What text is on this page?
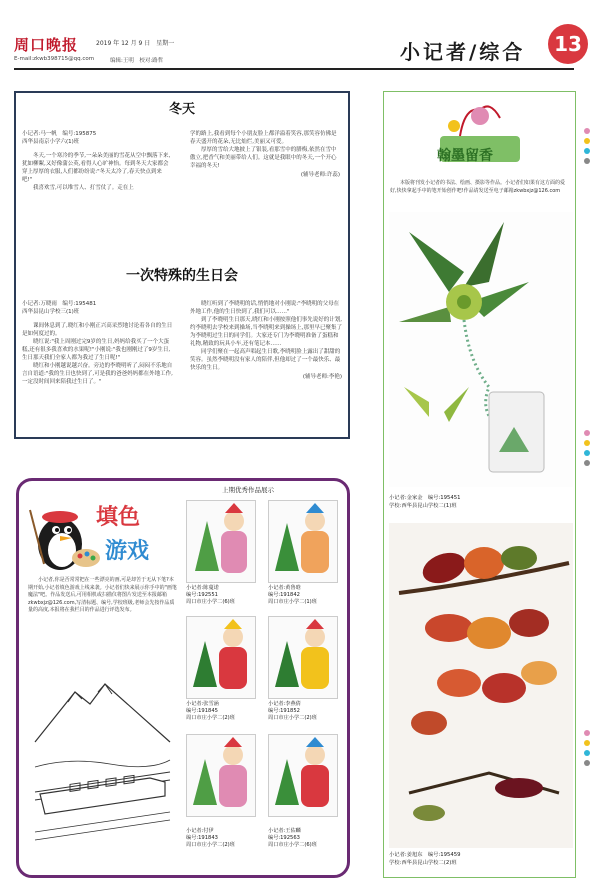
周口晚报	2019 年 12 月 9 日　星期一
E-mail:zkwb398715@qq.com	编辑:王明　校对:路哲	小记者/综合	13
冬天
小记者:马一帆　编号:195875
西华县南京小学六(1)班

冬天,一个寒冷的季节,一朵朵美丽的雪花从空中飘落下来,犹如柳絮,又好像蒲公英,看得人心旷神怡。每到冬天大家都会穿上厚厚的衣服,人们都纷纷说:"冬天太冷了,春天快点到来吧!"

我喜欢雪,可以堆雪人、打雪仗了。走在上

学的路上,我看到每个小朋友脸上都洋溢着笑容,那笑容仿佛是春天盛开的花朵,无比灿烂,美丽又可爱。

厚厚的雪给大地披上了银装,看那雪中的腊梅,依然在雪中傲立,把香气和美丽带给人们。这就是我眼中的冬天,一个开心幸福的冬天!

(辅导老师:许蕊)
一次特殊的生日会
小记者:万晓雨　编号:195481
西华县昆山学校三(1)班

课间休息到了,晓红和小刚正兴高采烈地讨论着各自的生日是如何度过的。

晓红说:"我上周刚过完9岁的生日,妈妈给我买了一个大蛋糕,还有很多我喜欢的水果呢!"小刚说:"我也刚刚过了9岁生日,生日那天我们全家人都为我过了生日呢!"

晓红和小刚越说越兴奋。旁边的李晓明听了,闷闷不乐地自言自语道:"我的生日也快到了,可是我的爸爸妈妈都在外地工作,一定没时间回来陪我过生日了。"

晓红听到了李晓明的话,悄悄地对小刚说:"李晓明的父母在外地工作,他的生日快到了,我们可以……"

到了李晓明生日那天,晓红和小刚按照他们事先说好的计划,约李晓明去学校来到操场,当李晓明来到操场上,那里早已聚集了为李晓明过生日的同学们。大家还专门为李晓明准备了蛋糕和礼物,精致的玩具小车,还有笔记本……

同学们聚在一起高声唱起生日歌,李晓明脸上露出了甜甜的笑容。虽然李晓明没有家人的陪伴,但他却过了一个最快乐、最快乐的生日。

(辅导老师:李艳)
填色
游戏
小记者,你是否常常把在一些漂亮的画,可是却苦于无从下笔?本期开始,小记者填色游戏上线来袭。小记者们快来展示你手中的"画笔魔法"吧。作品发送后,可用相机或扫描仪将图片发送至本报邮箱zkwbxjz@126.com,写清标题、编号,学校班级,老师会先按作品质量的高度,本报将在我栏目的作品进行评选发布。
上期优秀作品展示
小记者:陈蔓诺
编号:192551
周口市庄小学二(6)班
小记者:黄鲁晗
编号:191842
周口市庄小学二(1)班
小记者:张雪涵
编号:191845
周口市庄小学二(2)班
小记者:李燕倩
编号:191852
周口市庄小学二(2)班
小记者:付伊
编号:191843
周口市庄小学二(2)班
小记者:王佑麟
编号:192563
周口市庄小学二(6)班
翰墨留香
本版将刊发小记者的书法、绘画、摄影等作品。小记者们如果有这方面的爱好,快快拿起手中的笔开始创作吧!作品请发送至电子邮箱zkwbxjz@126.com
小记者:金家金　编号:195451
学校:西华县昆山学校二(1)班
小记者:姜旭东　编号:195459
学校:西华县昆山学校二(2)班
